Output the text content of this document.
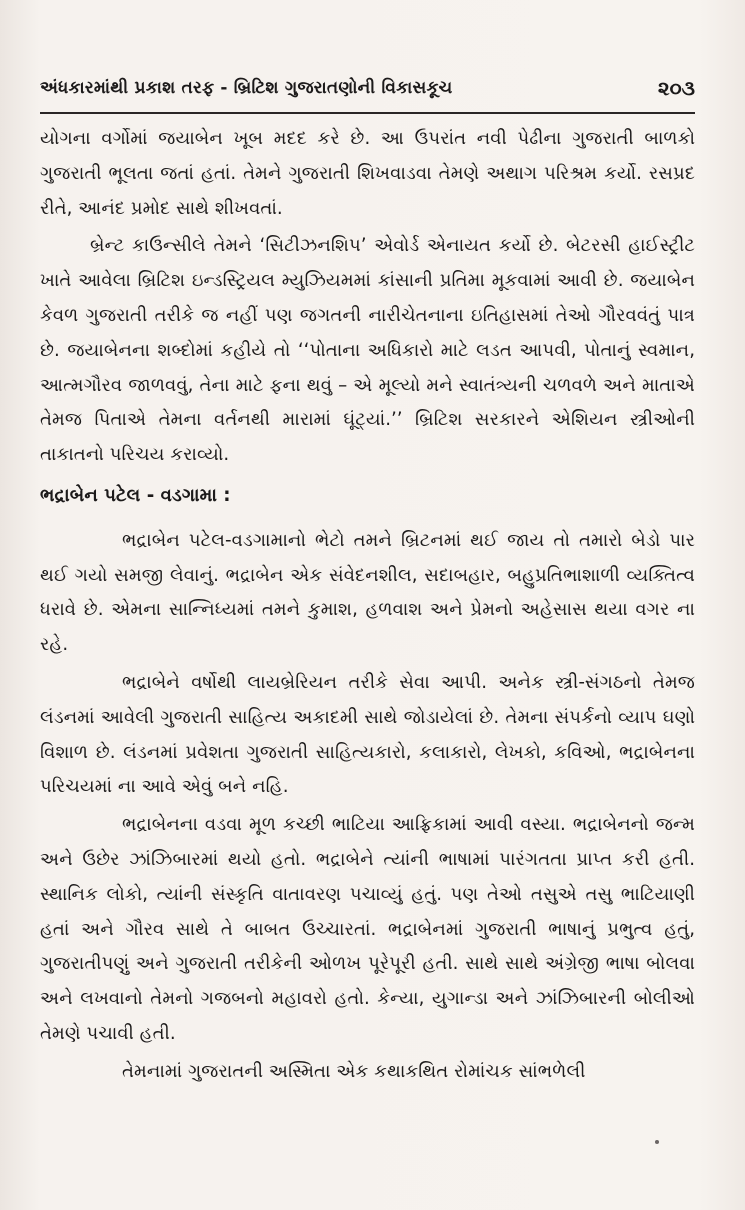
અંધકારમાંથી પ્રકાશ તરફ - બ્રિટિશ ગુજરાતણોની વિકાસકૂચ	૨૦૩

યોગના વર્ગોમાં જયાબેન ખૂબ મદદ કરે છે. આ ઉપરાંત નવી પેઢીના ગુજરાતી બાળકો ગુજરાતી ભૂલતા જતાં હતાં. તેમને ગુજરાતી શિખવાડવા તેમણે અથાગ પરિશ્રમ કર્યો. રસપ્રદ રીતે, આનંદ પ્રમોદ સાથે શીખવતાં.

બ્રેન્ટ કાઉન્સીલે તેમને ‘સિટીઝનશિપ’ એવોર્ડ એનાયત કર્યો છે. બેટરસી હાઈસ્ટ્રીટ ખાતે આવેલા બ્રિટિશ ઇન્ડસ્ટ્રિયલ મ્યુઝિયમમાં કાંસાની પ્રતિમા મૂકવામાં આવી છે. જયાબેન કેવળ ગુજરાતી તરીકે જ નહીં પણ જગતની નારીચેતનાના ઇતિહાસમાં તેઓ ગૌરવવંતું પાત્ર છે. જયાબેનના શબ્દોમાં કહીયે તો ‘‘પોતાના અધિકારો માટે લડત આપવી, પોતાનું સ્વમાન, આત્મગૌરવ જાળવવું, તેના માટે ફના થવું – એ મૂલ્યો મને સ્વાતંત્ર્યની ચળવળે અને માતાએ તેમજ પિતાએ તેમના વર્તનથી મારામાં ઘૂંટ્યાં.’’ બ્રિટિશ સરકારને એશિયન સ્ત્રીઓની તાકાતનો પરિચય કરાવ્યો.

ભદ્રાબેન પટેલ - વડગામા :

ભદ્રાબેન પટેલ-વડગામાનો ભેટો તમને બ્રિટનમાં થઈ જાય તો તમારો બેડો પાર થઈ ગયો સમજી લેવાનું. ભદ્રાબેન એક સંવેદનશીલ, સદાબહાર, બહુપ્રતિભાશાળી વ્યક્તિત્વ ધરાવે છે. એમના સાન્નિધ્યમાં તમને કુમાશ, હળવાશ અને પ્રેમનો અહેસાસ થયા વગર ના રહે.

ભદ્રાબેને વર્ષોથી લાયબ્રેરિયન તરીકે સેવા આપી. અનેક સ્ત્રી-સંગઠનો તેમજ લંડનમાં આવેલી ગુજરાતી સાહિત્ય અકાદમી સાથે જોડાયેલાં છે. તેમના સંપર્કનો વ્યાપ ઘણો વિશાળ છે. લંડનમાં પ્રવેશતા ગુજરાતી સાહિત્યકારો, કલાકારો, લેખકો, કવિઓ, ભદ્રાબેનના પરિચયમાં ના આવે એવું બને નહિ.

ભદ્રાબેનના વડવા મૂળ કચ્છી ભાટિયા આફ્રિકામાં આવી વસ્યા. ભદ્રાબેનનો જન્મ અને ઉછેર ઝાંઝિબારમાં થયો હતો. ભદ્રાબેને ત્યાંની ભાષામાં પારંગતતા પ્રાપ્ત કરી હતી. સ્થાનિક લોકો, ત્યાંની સંસ્કૃતિ વાતાવરણ પચાવ્યું હતું. પણ તેઓ તસુએ તસુ ભાટિયાણી હતાં અને ગૌરવ સાથે તે બાબત ઉચ્ચારતાં. ભદ્રાબેનમાં ગુજરાતી ભાષાનું પ્રભુત્વ હતું, ગુજરાતીપણું અને ગુજરાતી તરીકેની ઓળખ પૂરેપૂરી હતી. સાથે સાથે અંગ્રેજી ભાષા બોલવા અને લખવાનો તેમનો ગજબનો મહાવરો હતો. કેન્યા, યુગાન્ડા અને ઝાંઝિબારની બોલીઓ તેમણે પચાવી હતી.

તેમનામાં ગુજરાતની અસ્મિતા એક કથાકથિત રોમાંચક સાંભળેલી
